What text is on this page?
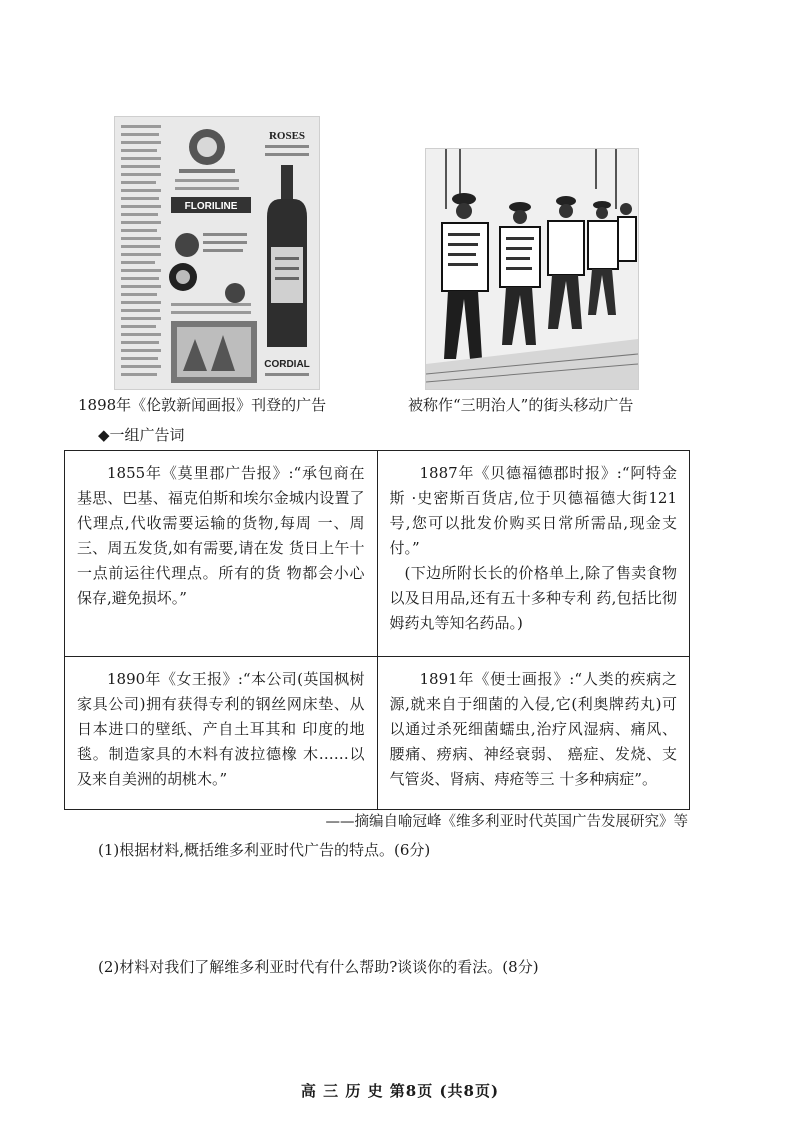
FLORILINE
ROSES
CORDIAL
1898年《伦敦新闻画报》刊登的广告	被称作“三明治人”的街头移动广告
◆一组广告词
1855年《莫里郡广告报》:“承包商在基思、巴基、福克伯斯和埃尔金城内设置了代理点,代收需要运输的货物,每周 一、周三、周五发货,如有需要,请在发 货日上午十一点前运往代理点。所有的货 物都会小心保存,避免损坏。”	1887年《贝德福德郡时报》:“阿特金斯 ·史密斯百货店,位于贝德福德大街121号,您可以批发价购买日常所需品,现金支付。”
(下边所附长长的价格单上,除了售卖食物以及日用品,还有五十多种专利 药,包括比彻姆药丸等知名药品。)

1890年《女王报》:“本公司(英国枫树家具公司)拥有获得专利的钢丝网床垫、从日本进口的壁纸、产自土耳其和 印度的地毯。制造家具的木料有波拉德橡 木……以及来自美洲的胡桃木。”	1891年《便士画报》:“人类的疾病之源,就来自于细菌的入侵,它(利奥牌药丸)可以通过杀死细菌蠕虫,治疗风湿病、痛风、腰痛、痨病、神经衰弱、 癌症、发烧、支气管炎、肾病、痔疮等三 十多种病症”。
——摘编自喻冠峰《维多利亚时代英国广告发展研究》等
(1)根据材料,概括维多利亚时代广告的特点。(6分)
(2)材料对我们了解维多利亚时代有什么帮助?谈谈你的看法。(8分)
高 三 历 史 第8页 (共8页)
